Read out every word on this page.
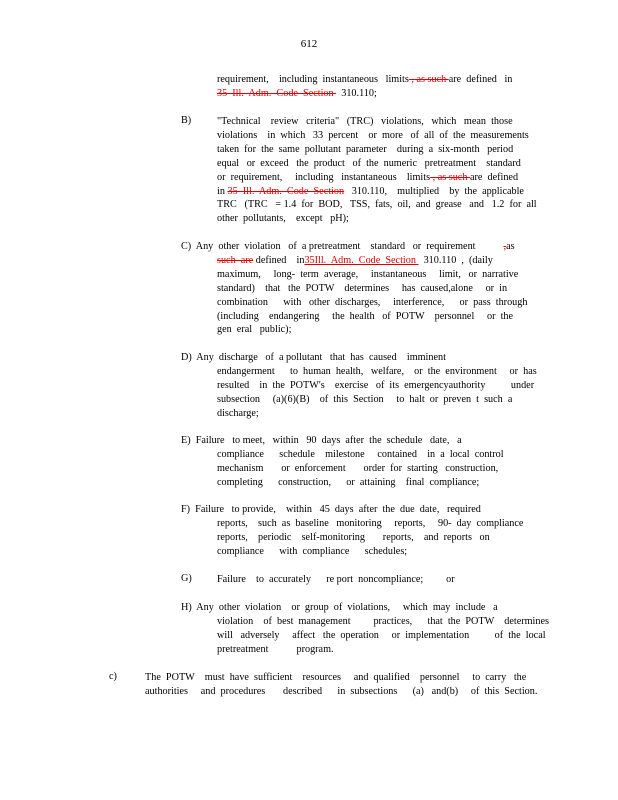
612
requirement,    including  instantaneous   limits , as such are  defined   in
35  Ill.  Adm.  Code  Section   310.110;
B)	"Technical    review   criteria"   (TRC)   violations,   which   mean  those
violations    in  which   33  percent    or  more   of  all  of  the  measurements
taken  for  the  same  pollutant  parameter    during  a  six-month   period
equal   or  exceed   the  product   of  the  numeric   pretreatment    standard
or  requirement,     including   instantaneous    limits , as such are  defined
in 35  Ill.  Adm.  Code  Section   310.110,    multiplied    by  the  applicable
TRC   (TRC   = 1.4  for  BOD,   TSS,  fats,  oil,  and  grease   and   1.2  for  all
other  pollutants,    except   pH);
C)  Any  other  violation   of  a pretreatment    standard   or  requirement	,as
such  are defined    in35Ill.  Adm.  Code  Section   310.110  ,  (daily
maximum,     long-  term  average,     instantaneous     limit,   or  narrative
standard)    that   the  POTW    determines     has  caused,alone     or  in
combination      with   other  discharges,     interference,      or  pass  through
(including    endangering     the  health   of  POTW    personnel     or  the
gen  eral   public);
D)  Any  discharge   of  a pollutant   that  has  caused    imminent
endangerment      to  human  health,   welfare,    or  the  environment     or  has
resulted    in  the  POTW's    exercise   of  its  emergencyauthority          under
subsection     (a)(6)(B)    of  this  Section     to  halt  or  preven  t  such  a
discharge;
E)  Failure   to meet,   within   90  days  after  the  schedule   date,   a
compliance      schedule    milestone     contained    in  a  local  control
mechanism       or  enforcement       order  for  starting   construction,
completing      construction,      or  attaining    final  compliance;
F)  Failure   to provide,    within   45  days  after  the  due  date,   required
reports,    such  as  baseline   monitoring     reports,     90-  day  compliance
reports,    periodic    self-monitoring       reports,    and  reports   on
compliance      with  compliance      schedules;
G) Failure    to  accurately      re port  noncompliance;         or
H)  Any  other  violation    or  group  of  violations,     which  may  include   a
violation    of  best  management         practices,      that  the  POTW    determines
will   adversely     affect   the  operation     or  implementation          of  the  local
pretreatment           program.
c)	The  POTW    must  have  sufficient    resources     and  qualified    personnel     to  carry   the
authorities     and  procedures       described      in  subsections      (a)   and(b)     of  this  Section.
